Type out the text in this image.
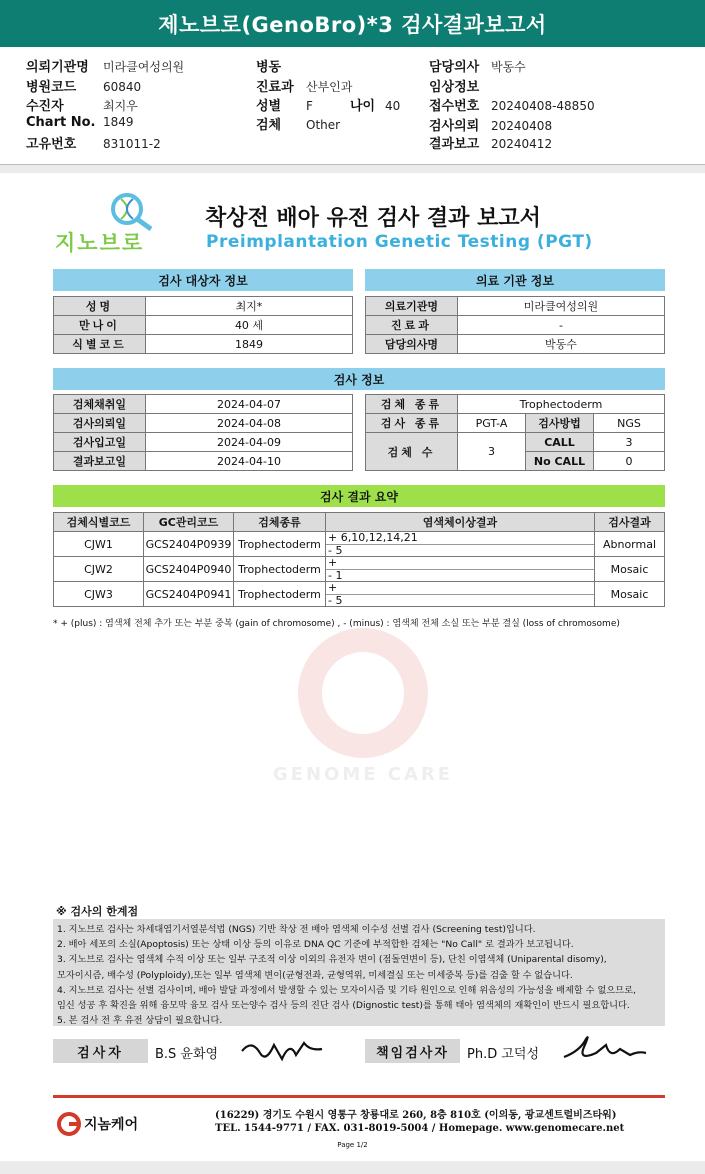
제노브로(GenoBro)*3 검사결과보고서
의뢰기관명 미라클여성의원
병원코드 60840
수진자	최지우
Chart No. 1849
고유번호 831011-2
병동
진료과 산부인과
성별 F	나이 40
검체 Other
담당의사 박동수
임상정보
접수번호 20240408-48850
검사의뢰 20240408
결과보고 20240412
GENOME CARE
지노브로
착상전 배아 유전 검사 결과 보고서
Preimplantation Genetic Testing (PGT)
검사 대상자 정보
성명	최지*
만나이	40 세
식별코드	1849
의료 기관 정보
의료기관명	미라클여성의원
진료과	-
담당의사명	박동수
검사 정보
검체채취일	2024-04-07
검사의뢰일	2024-04-08
검사입고일	2024-04-09
결과보고일	2024-04-10
검체 종류	Trophectoderm		
검사 종류	PGT-A	검사방법	NGS
검체 수	3	CALL	3
		No CALL	0
검사 결과 요약
검체식별코드	GC관리코드	검체종류	염색체이상결과	검사결과
CJW1	GCS2404P0939	Trophectoderm	+ 6,10,12,14,21
- 5	Abnormal
CJW2	GCS2404P0940	Trophectoderm	+
- 1	Mosaic
CJW3	GCS2404P0941	Trophectoderm	+
- 5	Mosaic
* + (plus) : 염색체 전체 추가 또는 부분 중복 (gain of chromosome) , - (minus) : 염색체 전체 소실 또는 부분 결실 (loss of chromosome)
※ 검사의 한계점
1. 지노브로 검사는 차세대염기서열분석법 (NGS) 기반 착상 전 배아 염색체 이수성 선별 검사 (Screening test)입니다.
2. 배아 세포의 소실(Apoptosis) 또는 상태 이상 등의 이유로 DNA QC 기준에 부적합한 검체는 "No Call" 로 결과가 보고됩니다.
3. 지노브로 검사는 염색체 수적 이상 또는 일부 구조적 이상 이외의 유전자 변이 (점돌연변이 등), 단친 이염색체 (Uniparental disomy),
모자이시즘, 배수성 (Polyploidy),또는 일부 염색체 변이(균형전좌, 균형역위, 미세결실 또는 미세중복 등)를 검출 할 수 없습니다.
4. 지노브로 검사는 선별 검사이며, 배아 발달 과정에서 발생할 수 있는 모자이시즘 및 기타 원인으로 인해 위음성의 가능성을 배제할 수 없으므로,
임신 성공 후 확진을 위해 융모막 융모 검사 또는양수 검사 등의 진단 검사 (Dignostic test)를 통해 태아 염색체의 재확인이 반드시 필요합니다.
5. 본 검사 전 후 유전 상담이 필요합니다.
검사자	B.S 윤화영	책임검사자	Ph.D 고덕성
지놈케어
(16229) 경기도 수원시 영통구 창룡대로 260, 8층 810호 (이의동, 광교센트럴비즈타워)
TEL. 1544-9771 / FAX. 031-8019-5004 / Homepage. www.genomecare.net
Page 1/2
